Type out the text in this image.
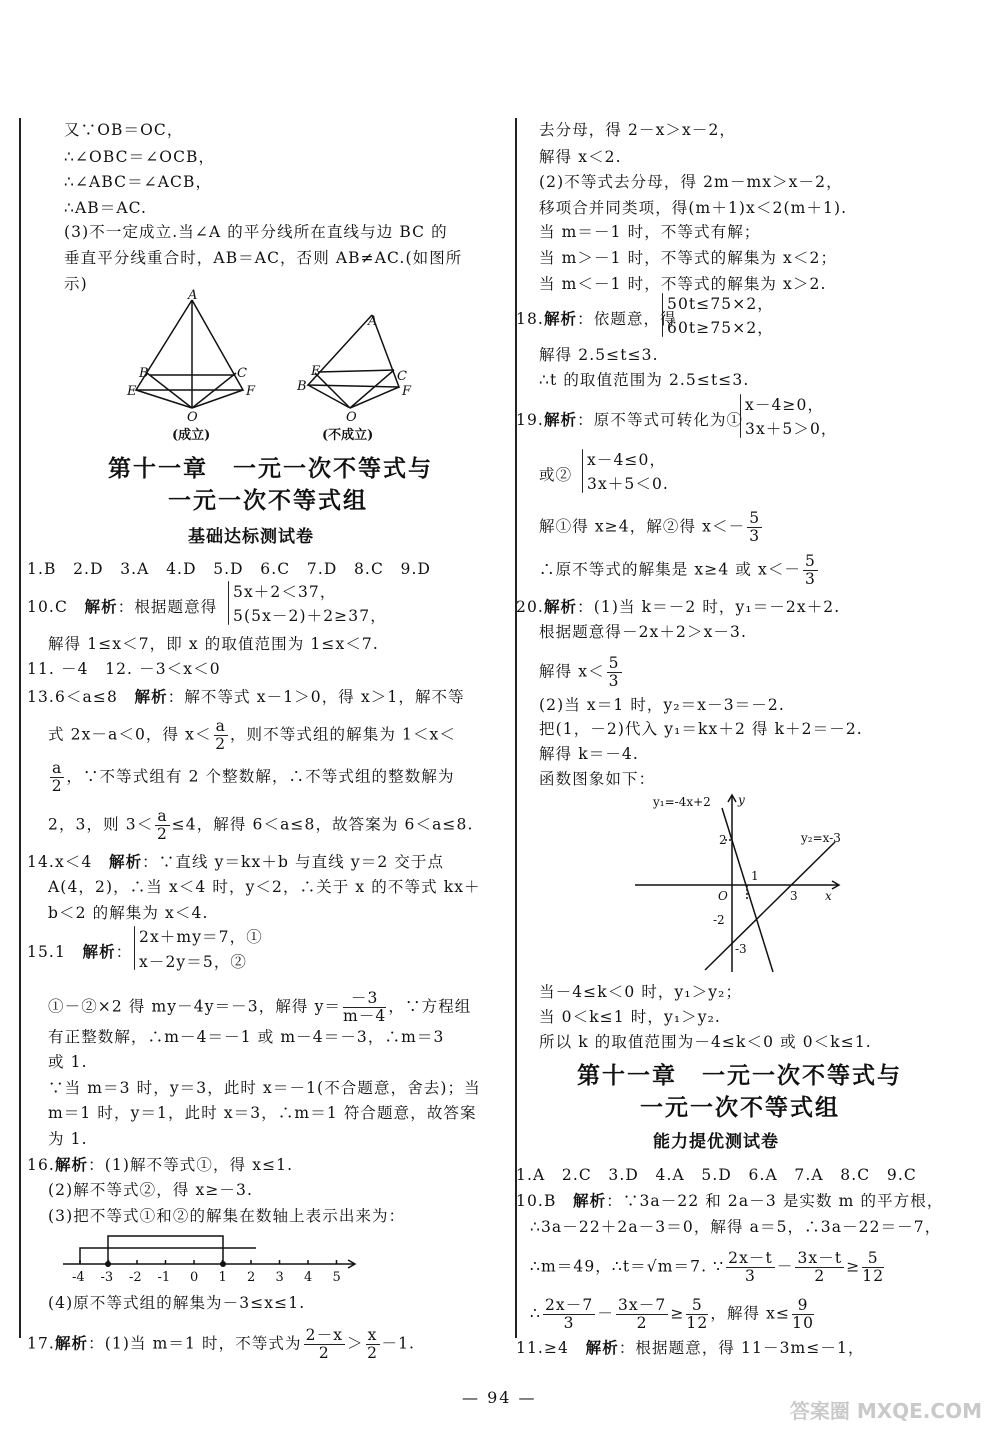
又∵OB＝OC，
∴∠OBC＝∠OCB，
∴∠ABC＝∠ACB，
∴AB＝AC.
(3)不一定成立.当∠A 的平分线所在直线与边 BC 的
垂直平分线重合时，AB＝AC，否则 AB≠AC.(如图所
示)
A
B	C
E	F
O
A
E
B
C
F
O
(成立)	(不成立)
第十一章　一元一次不等式与
一元一次不等式组
基础达标测试卷
1.B　2.D　3.A　4.D　5.D　6.C　7.D　8.C　9.D
10.C　解析：根据题意得
5x＋2＜37，
5(5x－2)＋2≥37，
解得 1≤x＜7，即 x 的取值范围为 1≤x＜7.
11. －4　12. －3＜x＜0
13.6＜a≤8　解析：解不等式 x－1＞0，得 x＞1，解不等
式 2x－a＜0，得 $x< \frac{a}{2}$ ，则不等式组的解集为 1＜x＜
$\frac{a}{2}$ ，∵不等式组有 2 个整数解，∴不等式组的整数解为
2，3，则 $3< \frac{a}{2} \le 4$，解得 6＜a≤8，故答案为 6＜a≤8.
14.x＜4　解析：∵直线 y＝kx＋b 与直线 y＝2 交于点
A(4，2)，∴当 x＜4 时，y＜2，∴关于 x 的不等式 kx＋
b＜2 的解集为 x＜4.
15.1　解析：
2x＋my＝7，①
x－2y＝5，②
①－②×2 得 my－4y＝－3，解得 $y= \frac{-3}{m-4}$ ，∵方程组
有正整数解，∴m－4＝－1 或 m－4＝－3，∴m＝3
或 1.
∵当 m＝3 时，y＝3，此时 x＝－1(不合题意，舍去)；当
m＝1 时，y＝1，此时 x＝3，∴m＝1 符合题意，故答案
为 1.
16.解析：(1)解不等式①，得 x≤1.
(2)解不等式②，得 x≥－3.
(3)把不等式①和②的解集在数轴上表示出来为：
-4 -3 -2 -1 0 1 2 3 4 5
(4)原不等式组的解集为－3≤x≤1.
17.解析：(1)当 m＝1 时，不等式为 $\frac{2-x}{2} > \frac{x}{2} -1$.
去分母，得 2－x＞x－2，
解得 x＜2.
(2)不等式去分母，得 2m－mx＞x－2，
移项合并同类项，得(m＋1)x＜2(m＋1).
当 m＝－1 时，不等式有解；
当 m＞－1 时，不等式的解集为 x＜2；
当 m＜－1 时，不等式的解集为 x＞2.
18.解析：依题意，得
50t≤75×2，
60t≥75×2，
解得 2.5≤t≤3.
∴t 的取值范围为 2.5≤t≤3.
19.解析：原不等式可转化为①
x－4≥0，
3x＋5＞0，
或②
x－4≤0，
3x＋5＜0.
解①得 x≥4，解②得 $x<- \frac{5}{3}$
∴原不等式的解集是 x≥4 或 $x<- \frac{5}{3}$
20.解析：(1)当 k＝－2 时，y₁＝－2x＋2.
根据题意得－2x＋2＞x－3.
解得 $x< \frac{5}{3}$
(2)当 x＝1 时，y₂＝x－3＝－2.
把(1，－2)代入 y₁＝kx＋2 得 k＋2＝－2.
解得 k＝－4.
函数图象如下：
y₁=-4x+2
y₂=x-3
y
x
O
2
1
3
-2
-3
当－4≤k＜0 时，y₁＞y₂；
当 0＜k≤1 时，y₁＞y₂.
所以 k 的取值范围为－4≤k＜0 或 0＜k≤1.
第十一章　一元一次不等式与
一元一次不等式组
能力提优测试卷
1.A　2.C　3.D　4.A　5.D　6.A　7.A　8.C　9.C
10.B　解析：∵3a－22 和 2a－3 是实数 m 的平方根，
∴3a－22＋2a－3＝0，解得 a＝5，∴3a－22＝－7，
∴m＝49，∴t＝√m＝7. ∵ $\frac{2x-t}{3} - \frac{3x-t}{2} \ge \frac{5}{12}$
∴ $\frac{2x-7}{3} - \frac{3x-7}{2} \ge \frac{5}{12}$ ，解得 $x\le \frac{9}{10}$
11.≥4　解析：根据题意，得 11－3m≤－1，
— 94 —
答案圈 MXQE.COM
